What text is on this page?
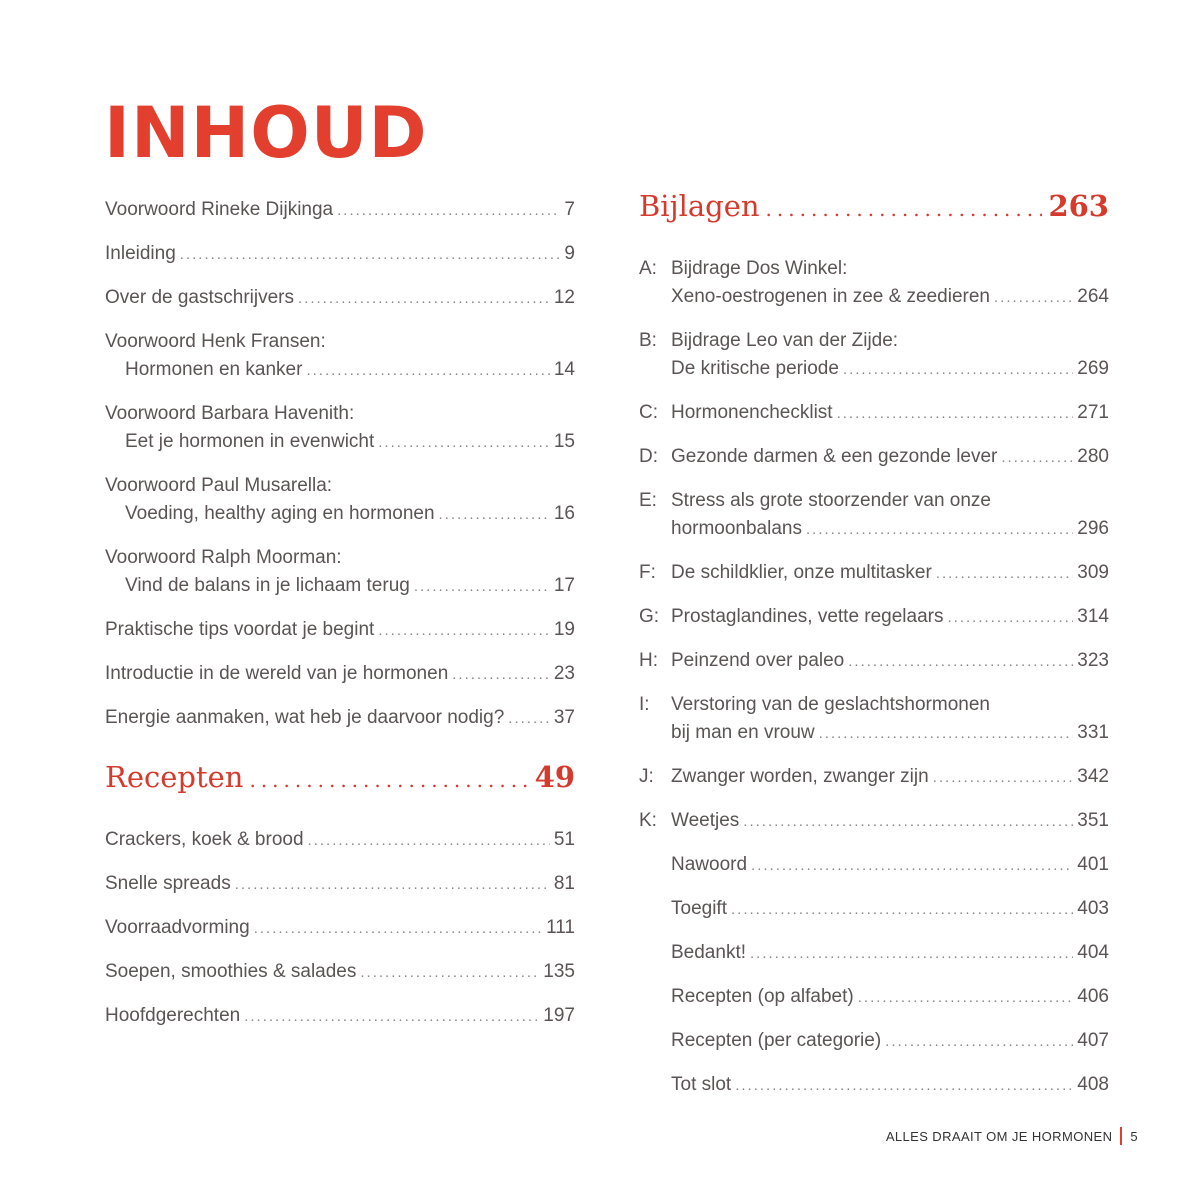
INHOUD
Voorwoord Rineke Dijkinga .....	7
Inleiding .....	9
Over de gastschrijvers .....	12
Voorwoord Henk Fransen:
Hormonen en kanker .....	14
Voorwoord Barbara Havenith:
Eet je hormonen in evenwicht .....	15
Voorwoord Paul Musarella:
Voeding, healthy aging en hormonen .....	16
Voorwoord Ralph Moorman:
Vind de balans in je lichaam terug .....	17
Praktische tips voordat je begint .....	19
Introductie in de wereld van je hormonen .....	23
Energie aanmaken, wat heb je daarvoor nodig? .....	37
Recepten .....	49
Crackers, koek & brood .....	51
Snelle spreads .....	81
Voorraadvorming .....	111
Soepen, smoothies & salades .....	135
Hoofdgerechten .....	197
Bijlagen .....	263
A: Bijdrage Dos Winkel:
Xeno-oestrogenen in zee & zeedieren .....	264
B: Bijdrage Leo van der Zijde:
De kritische periode .....	269
C: Hormonenchecklist .....	271
D: Gezonde darmen & een gezonde lever .....	280
E: Stress als grote stoorzender van onze
hormoonbalans .....	296
F: De schildklier, onze multitasker .....	309
G: Prostaglandines, vette regelaars .....	314
H: Peinzend over paleo .....	323
I: Verstoring van de geslachtshormonen
bij man en vrouw .....	331
J: Zwanger worden, zwanger zijn .....	342
K: Weetjes .....	351
Nawoord .....	401
Toegift .....	403
Bedankt! .....	404
Recepten (op alfabet) .....	406
Recepten (per categorie) .....	407
Tot slot .....	408
ALLES DRAAIT OM JE HORMONEN 5
